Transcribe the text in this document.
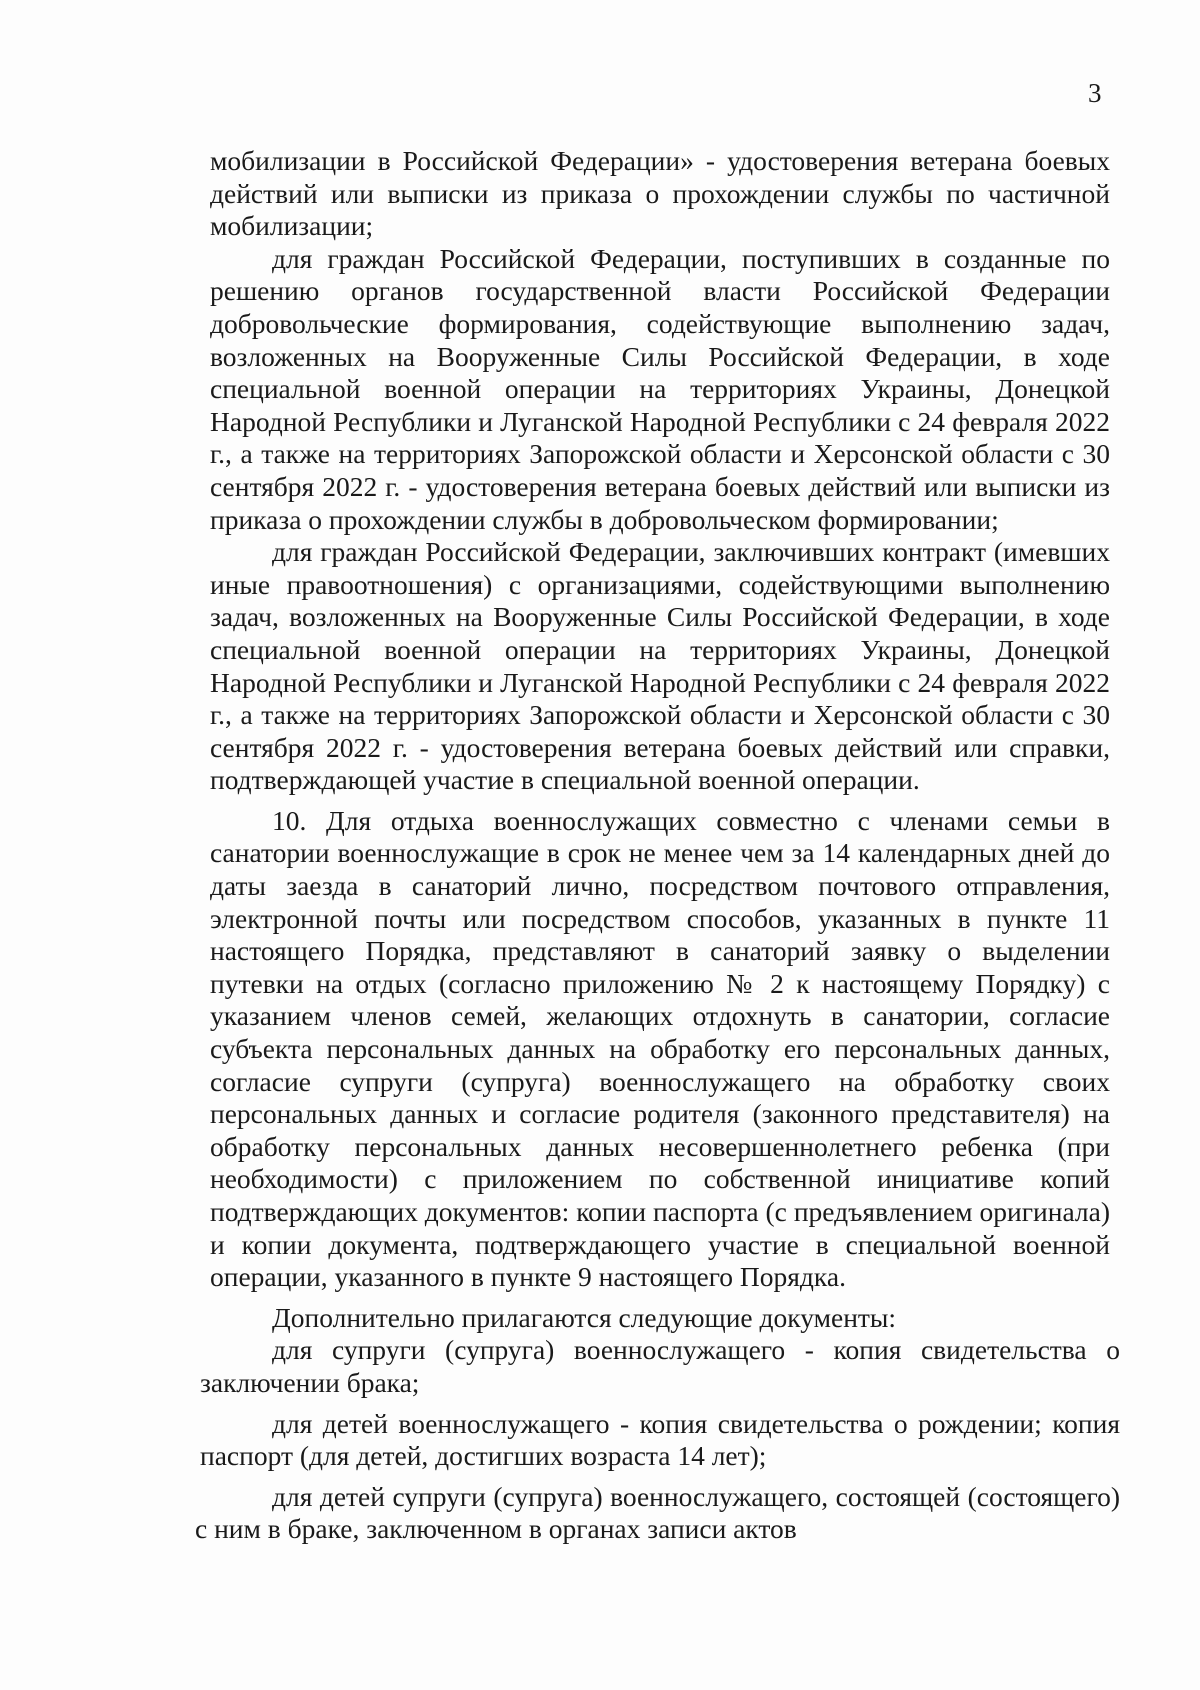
3

мобилизации в Российской Федерации» - удостоверения ветерана боевых действий или выписки из приказа о прохождении службы по частичной мобилизации;

для граждан Российской Федерации, поступивших в созданные по решению органов государственной власти Российской Федерации добровольческие формирования, содействующие выполнению задач, возложенных на Вооруженные Силы Российской Федерации, в ходе специальной военной операции на территориях Украины, Донецкой Народной Республики и Луганской Народной Республики с 24 февраля 2022 г., а также на территориях Запорожской области и Херсонской области с 30 сентября 2022 г. - удостоверения ветерана боевых действий или выписки из приказа о прохождении службы в добровольческом формировании;

для граждан Российской Федерации, заключивших контракт (имевших иные правоотношения) с организациями, содействующими выполнению задач, возложенных на Вооруженные Силы Российской Федерации, в ходе специальной военной операции на территориях Украины, Донецкой Народной Республики и Луганской Народной Республики с 24 февраля 2022 г., а также на территориях Запорожской области и Херсонской области с 30 сентября 2022 г. - удостоверения ветерана боевых действий или справки, подтверждающей участие в специальной военной операции.

10. Для отдыха военнослужащих совместно с членами семьи в санатории военнослужащие в срок не менее чем за 14 календарных дней до даты заезда в санаторий лично, посредством почтового отправления, электронной почты или посредством способов, указанных в пункте 11 настоящего Порядка, представляют в санаторий заявку о выделении путевки на отдых (согласно приложению № 2 к настоящему Порядку) с указанием членов семей, желающих отдохнуть в санатории, согласие субъекта персональных данных на обработку его персональных данных, согласие супруги (супруга) военнослужащего на обработку своих персональных данных и согласие родителя (законного представителя) на обработку персональных данных несовершеннолетнего ребенка (при необходимости) с приложением по собственной инициативе копий подтверждающих документов: копии паспорта (с предъявлением оригинала) и копии документа, подтверждающего участие в специальной военной операции, указанного в пункте 9 настоящего Порядка.

Дополнительно прилагаются следующие документы:

для супруги (супруга) военнослужащего - копия свидетельства о заключении брака;

для детей военнослужащего - копия свидетельства о рождении; копия паспорт (для детей, достигших возраста 14 лет);

для детей супруги (супруга) военнослужащего, состоящей (состоящего) с ним в браке, заключенном в органах записи актов
